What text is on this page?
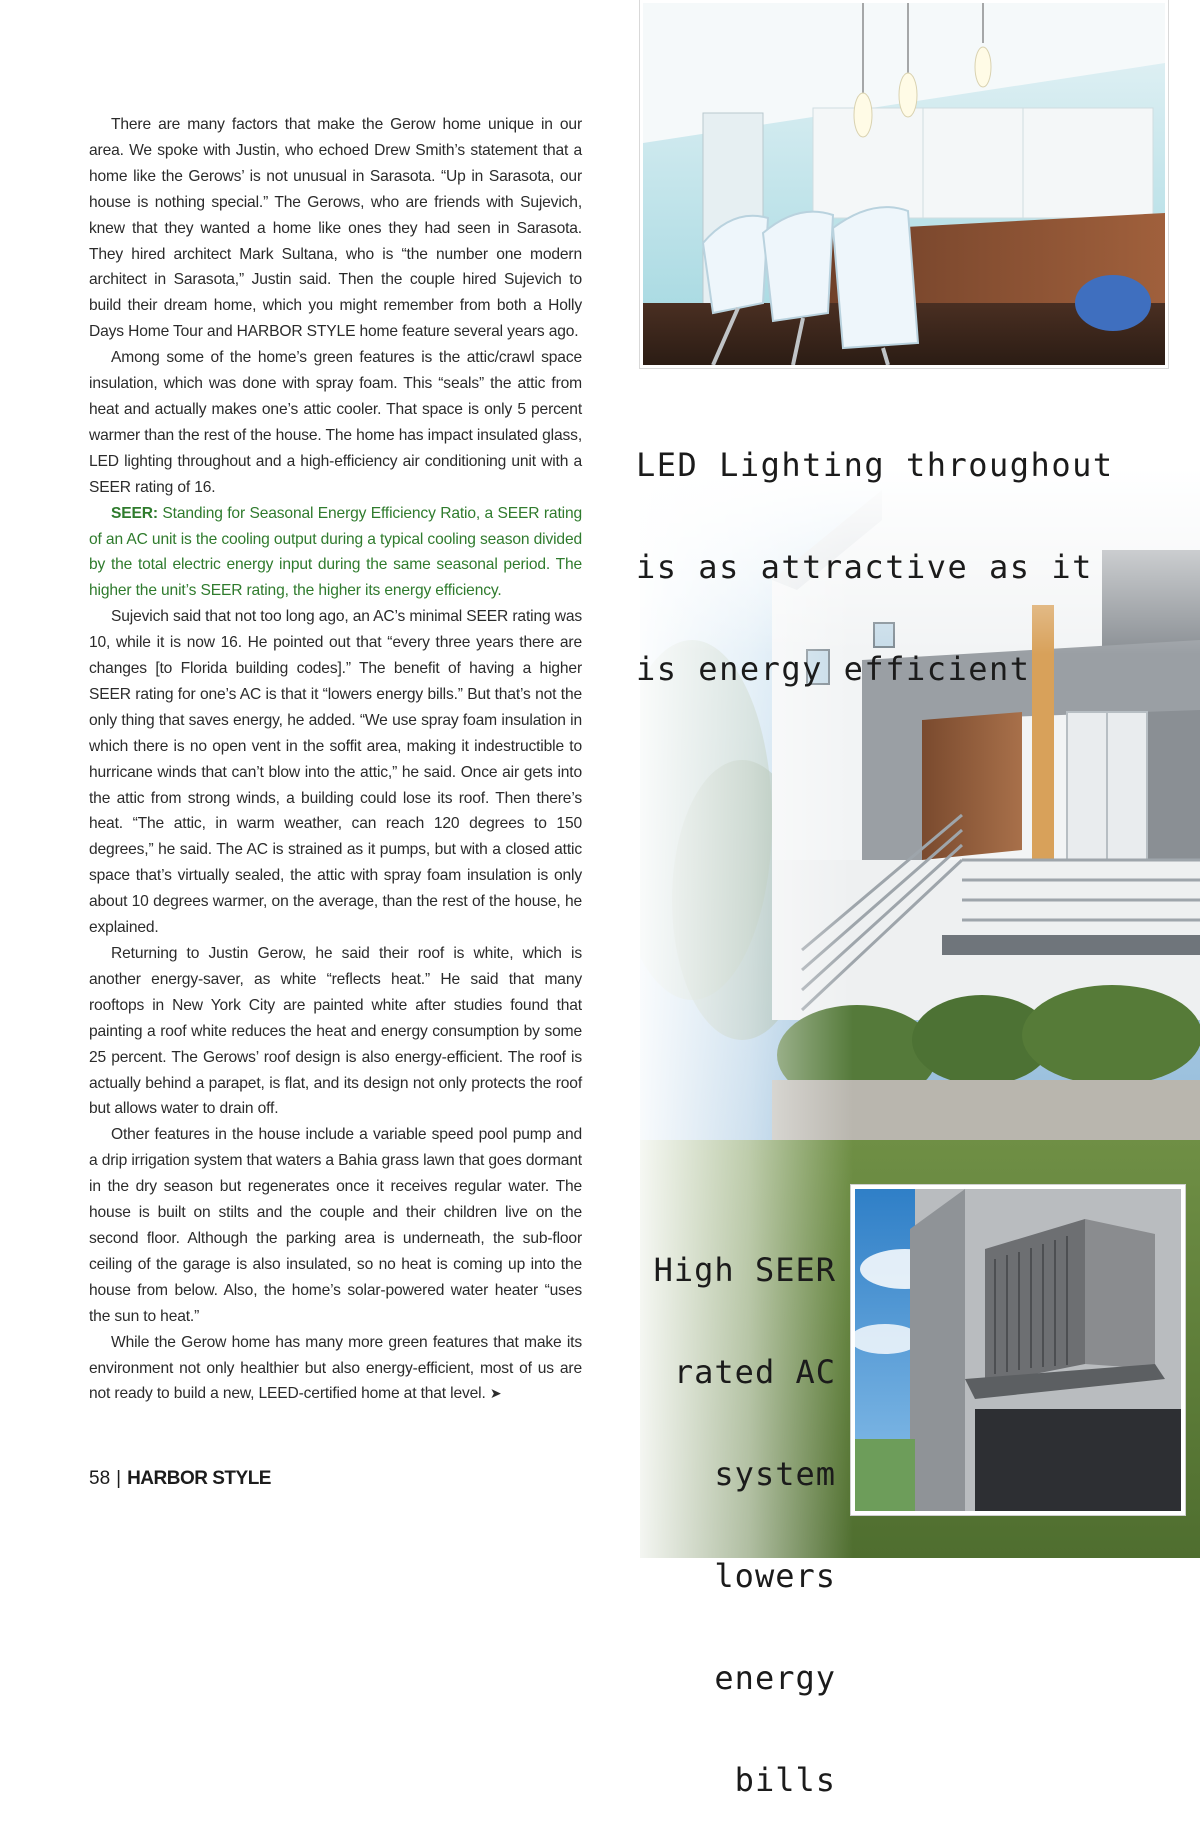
LED Lighting throughout

is as attractive as it

is energy efficient

High SEER

rated AC

system

lowers

energy

bills

There are many factors that make the Gerow home unique in our area. We spoke with Justin, who echoed Drew Smith’s statement that a home like the Gerows’ is not unusual in Sarasota. “Up in Sarasota, our house is nothing special.” The Gerows, who are friends with Sujevich, knew that they wanted a home like ones they had seen in Sarasota. They hired architect Mark Sultana, who is “the number one modern architect in Sarasota,” Justin said. Then the couple hired Sujevich to build their dream home, which you might remember from both a Holly Days Home Tour and HARBOR STYLE home feature several years ago.

Among some of the home’s green features is the attic/crawl space insulation, which was done with spray foam. This “seals” the attic from heat and actually makes one’s attic cooler. That space is only 5 percent warmer than the rest of the house. The home has impact insulated glass, LED lighting throughout and a high-efficiency air conditioning unit with a SEER rating of 16.

SEER: Standing for Seasonal Energy Efficiency Ratio, a SEER rating of an AC unit is the cooling output during a typical cooling season divided by the total electric energy input during the same seasonal period. The higher the unit’s SEER rating, the higher its energy efficiency.

Sujevich said that not too long ago, an AC’s minimal SEER rating was 10, while it is now 16. He pointed out that “every three years there are changes [to Florida building codes].” The benefit of having a higher SEER rating for one’s AC is that it “lowers energy bills.” But that’s not the only thing that saves energy, he added. “We use spray foam insulation in which there is no open vent in the soffit area, making it indestructible to hurricane winds that can’t blow into the attic,” he said. Once air gets into the attic from strong winds, a building could lose its roof. Then there’s heat. “The attic, in warm weather, can reach 120 degrees to 150 degrees,” he said. The AC is strained as it pumps, but with a closed attic space that’s virtually sealed, the attic with spray foam insulation is only about 10 degrees warmer, on the average, than the rest of the house, he explained.

Returning to Justin Gerow, he said their roof is white, which is another energy-saver, as white “reflects heat.” He said that many rooftops in New York City are painted white after studies found that painting a roof white reduces the heat and energy consumption by some 25 percent. The Gerows’ roof design is also energy-efficient. The roof is actually behind a parapet, is flat, and its design not only protects the roof but allows water to drain off.

Other features in the house include a variable speed pool pump and a drip irrigation system that waters a Bahia grass lawn that goes dormant in the dry season but regenerates once it receives regular water. The house is built on stilts and the couple and their children live on the second floor. Although the parking area is underneath, the sub-floor ceiling of the garage is also insulated, so no heat is coming up into the house from below. Also, the home’s solar-powered water heater “uses the sun to heat.”

While the Gerow home has many more green features that make its environment not only healthier but also energy-efficient, most of us are not ready to build a new, LEED-certified home at that level. ➤

58 | HARBOR STYLE
